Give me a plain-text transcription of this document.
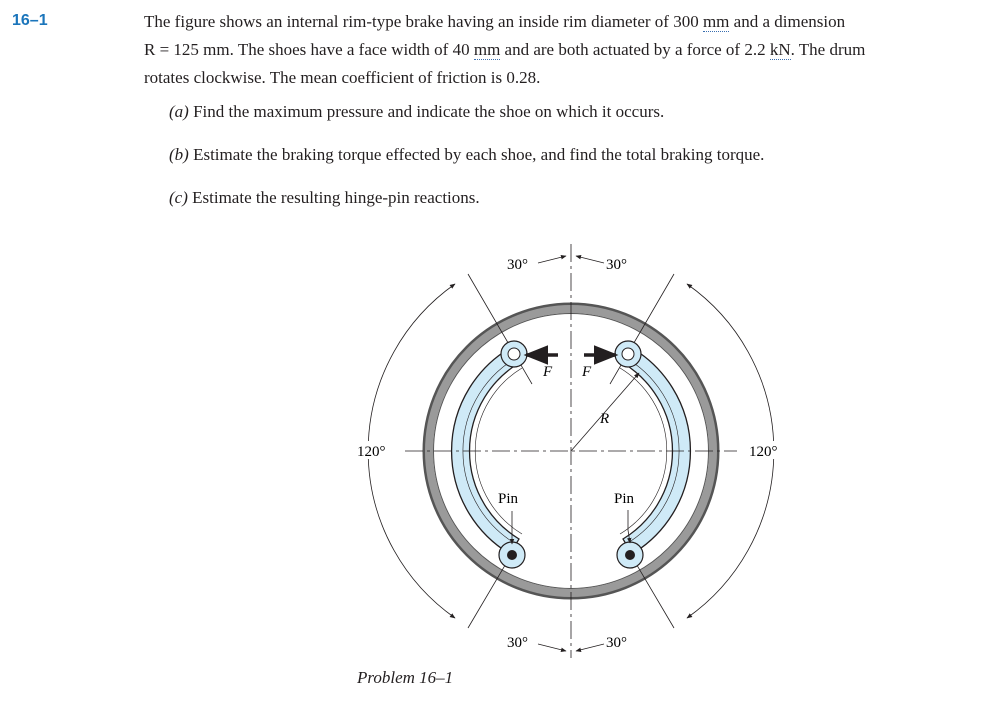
16–1	The figure shows an internal rim-type brake having an inside rim diameter of 300 mm and a dimension
R = 125 mm. The shoes have a face width of 40 mm and are both actuated by a force of 2.2 kN. The drum
rotates clockwise. The mean coefficient of friction is 0.28.
(a) Find the maximum pressure and indicate the shoe on which it occurs.
(b) Estimate the braking torque effected by each shoe, and find the total braking torque.
(c) Estimate the resulting hinge-pin reactions.
30°	30°
30°	30°
120°	120°
F F
R
Pin	Pin
Problem 16–1
